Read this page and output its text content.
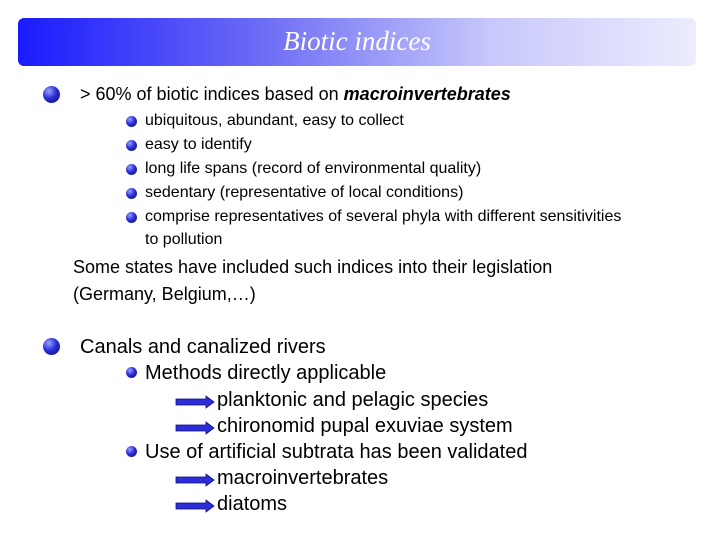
Biotic indices
> 60% of biotic indices based on macroinvertebrates
ubiquitous, abundant, easy to collect
easy to identify
long life spans (record of environmental quality)
sedentary (representative of local conditions)
comprise representatives of several phyla with different sensitivities
to pollution
Some states have included such indices into their legislation
(Germany, Belgium,…)
Canals and canalized rivers
Methods directly applicable
planktonic and pelagic species
chironomid pupal exuviae system
Use of artificial subtrata has been validated
macroinvertebrates
diatoms
